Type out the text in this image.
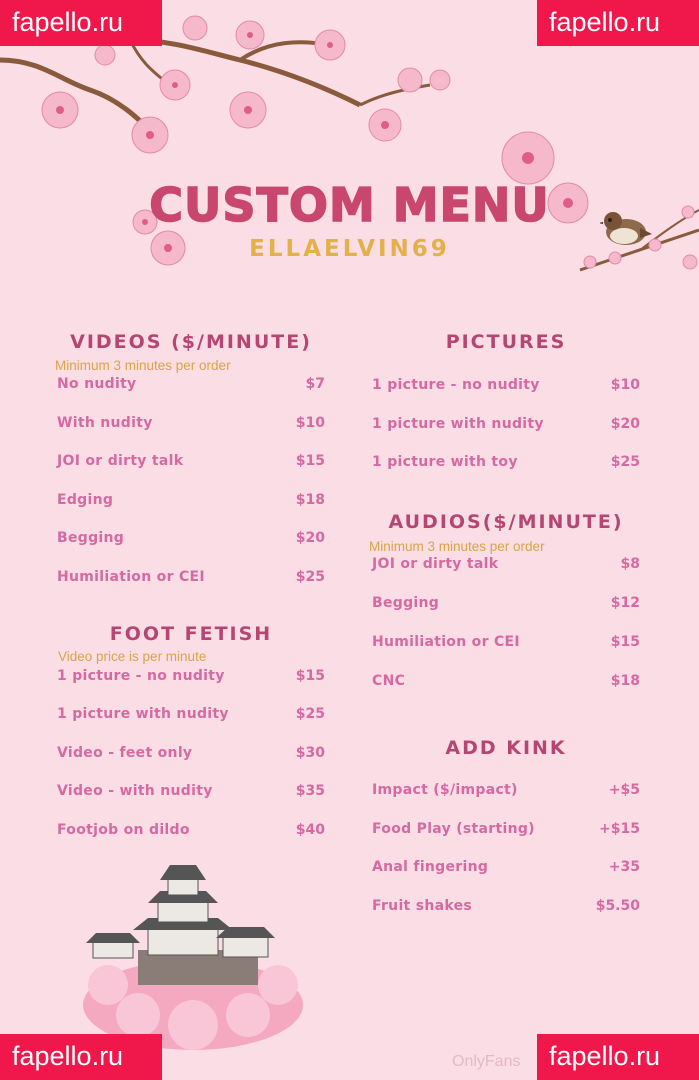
CUSTOM MENU
ELLAELVIN69
VIDEOS ($/MINUTE)
Minimum 3 minutes per order
No nudity	$7
With nudity	$10
JOI or dirty talk	$15
Edging	$18
Begging	$20
Humiliation or CEI	$25
FOOT FETISH
Video price is per minute
1 picture - no nudity	$15
1 picture with nudity	$25
Video - feet only	$30
Video - with nudity	$35
Footjob on dildo	$40
PICTURES
1 picture - no nudity	$10
1 picture with nudity	$20
1 picture with toy	$25
AUDIOS($/MINUTE)
Minimum 3 minutes per order
JOI or dirty talk	$8
Begging	$12
Humiliation or CEI	$15
CNC	$18
ADD KINK
Impact ($/impact)	+$5
Food Play (starting)	+$15
Anal fingering	+35
Fruit shakes	$5.50
OnlyFans
fapello.ru	fapello.ru
fapello.ru	fapello.ru
